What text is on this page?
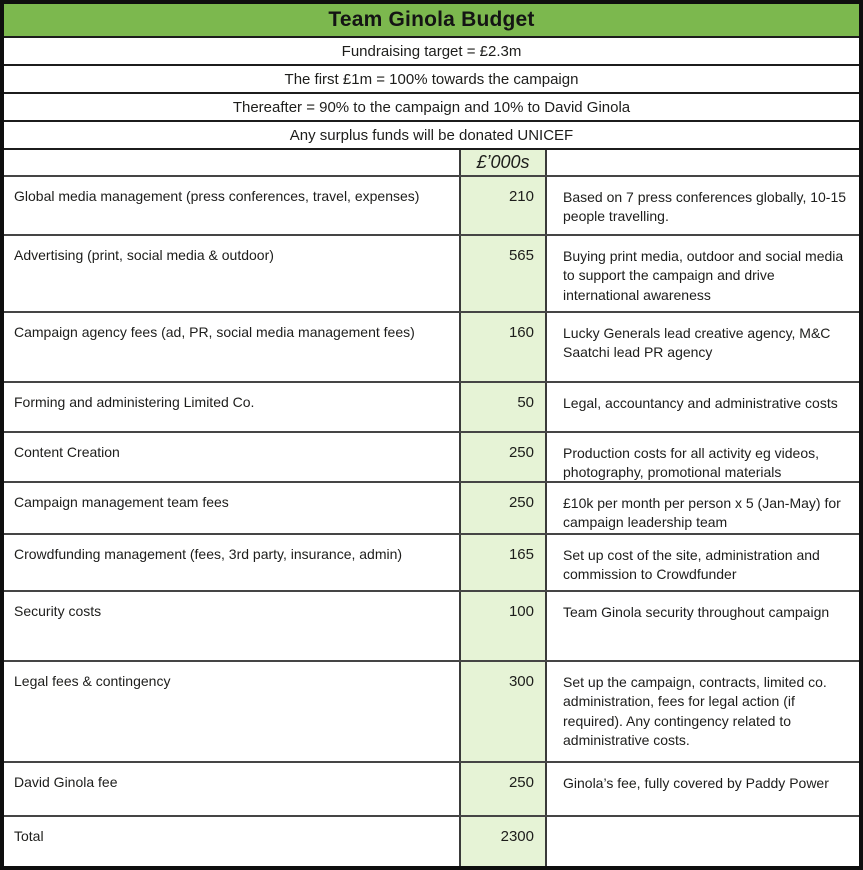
Team Ginola Budget
Fundraising target = £2.3m
The first £1m = 100% towards the campaign
Thereafter = 90% to the campaign and 10% to David Ginola
Any surplus funds will be donated UNICEF
£’000s
Global media management (press conferences, travel, expenses)	210	Based on 7 press conferences globally, 10-15 people travelling.
Advertising (print, social media & outdoor)	565	Buying print media, outdoor and social media to support the campaign and drive international awareness
Campaign agency fees (ad, PR, social media management fees)	160	Lucky Generals lead creative agency, M&C Saatchi lead PR agency
Forming and administering Limited Co.	50	Legal, accountancy and administrative costs
Content Creation	250	Production costs for all activity eg videos, photography, promotional materials
Campaign management team fees	250	£10k per month per person x 5 (Jan-May) for campaign leadership team
Crowdfunding management (fees, 3rd party, insurance, admin)	165	Set up cost of the site, administration and commission to Crowdfunder
Security costs	100	Team Ginola security throughout campaign
Legal fees & contingency	300	Set up the campaign, contracts, limited co. administration, fees for legal action (if required). Any contingency related to administrative costs.
David Ginola fee	250	Ginola’s fee, fully covered by Paddy Power
Total	2300
